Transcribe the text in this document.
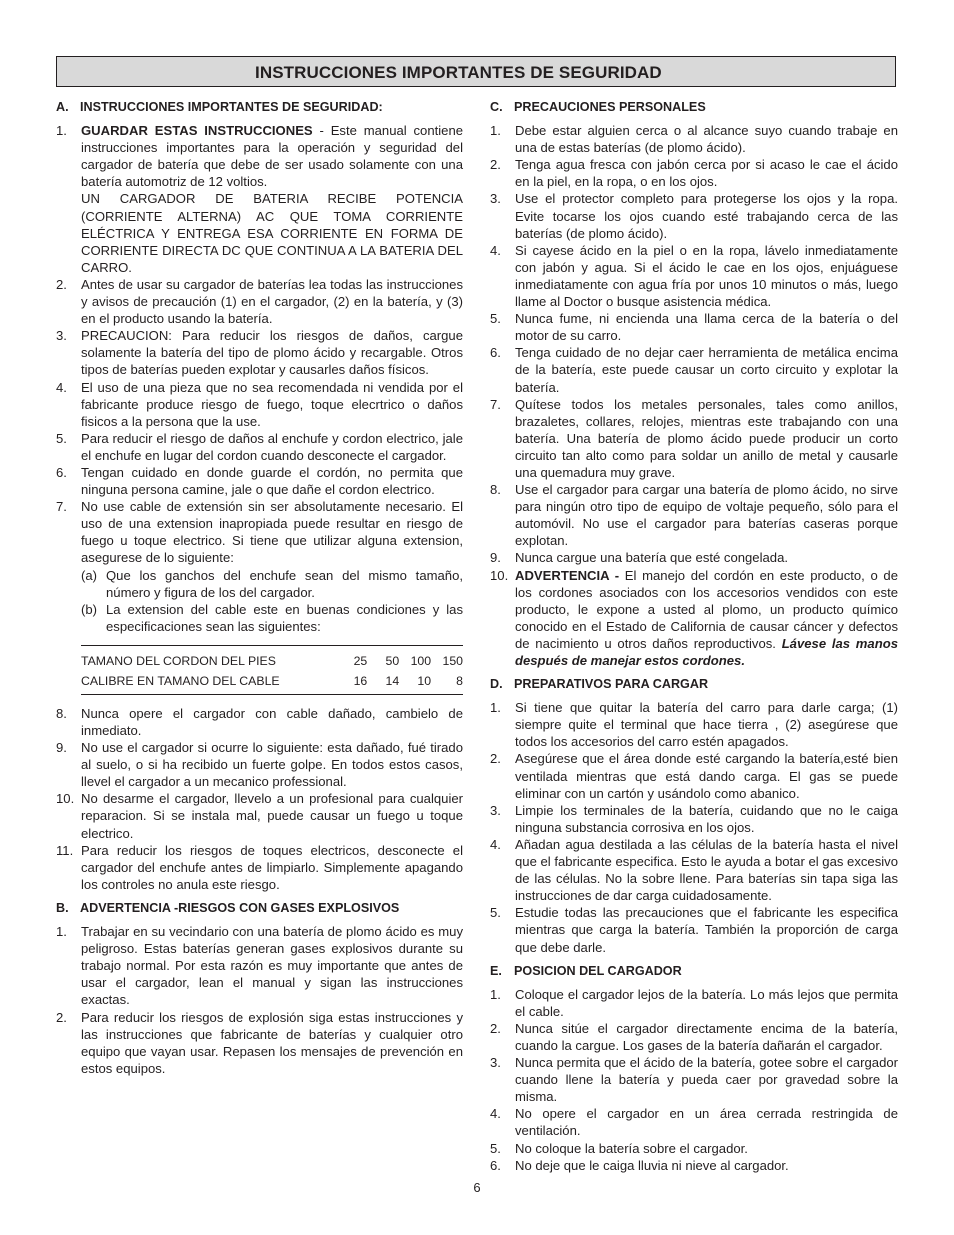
INSTRUCCIONES IMPORTANTES DE SEGURIDAD
A. INSTRUCCIONES IMPORTANTES DE SEGURIDAD:
1.	GUARDAR ESTAS INSTRUCCIONES - Este manual contiene instrucciones importantes para la operación y seguridad del cargador de batería que debe de ser usado solamente con una batería automotriz de 12 voltios.
UN CARGADOR DE BATERIA RECIBE POTENCIA (CORRIENTE ALTERNA) AC QUE TOMA CORRIENTE ELÉCTRICA Y ENTREGA ESA CORRIENTE EN FORMA DE CORRIENTE DIRECTA DC QUE CONTINUA A LA BATERIA DEL CARRO.
2.	Antes de usar su cargador de baterías lea todas las instrucciones y avisos de precaución (1) en el cargador, (2) en la batería, y (3) en el producto usando la batería.
3.	PRECAUCION: Para reducir los riesgos de daños, cargue solamente la batería del tipo de plomo ácido y recargable. Otros tipos de baterías pueden explotar y causarles daños físicos.
4.	El uso de una pieza que no sea recomendada ni vendida por el fabricante produce riesgo de fuego, toque elecrtrico o daños fisicos a la persona que la use.
5.	Para reducir el riesgo de daños al enchufe y cordon electrico, jale el enchufe en lugar del cordon cuando desconecte el cargador.
6.	Tengan cuidado en donde guarde el cordón, no permita que ninguna persona camine, jale o que dañe el cordon electrico.
7.	No use cable de extensión sin ser absolutamente necesario. El uso de una extension inapropiada puede resultar en riesgo de fuego u toque electrico. Si tiene que utilizar alguna extension, asegurese de lo siguiente:
(a) Que los ganchos del enchufe sean del mismo tamaño, número y figura de los del cargador.
(b) La extension del cable este en buenas condiciones y las especificaciones sean las siguientes:
TAMANO DEL CORDON DEL PIES	25	50 100 150
CALIBRE EN TAMANO DEL CABLE	16	14	10	8
8.	Nunca opere el cargador con cable dañado, cambielo de inmediato.
9.	No use el cargador si ocurre lo siguiente: esta dañado, fué tirado al suelo, o si ha recibido un fuerte golpe. En todos estos casos, llevel el cargador a un mecanico professional.
10. No desarme el cargador, llevelo a un profesional para cualquier reparacion. Si se instala mal, puede causar un fuego u toque electrico.
11. Para reducir los riesgos de toques electricos, desconecte el cargador del enchufe antes de limpiarlo. Simplemente apagando los controles no anula este riesgo.
B. ADVERTENCIA -RIESGOS CON GASES EXPLOSIVOS
1.	Trabajar en su vecindario con una batería de plomo ácido es muy peligroso. Estas baterías generan gases explosivos durante su trabajo normal. Por esta razón es muy importante que antes de usar el cargador, lean el manual y sigan las instrucciones exactas.
2.	Para reducir los riesgos de explosión siga estas instrucciones y las instrucciones que fabricante de baterías y cualquier otro equipo que vayan usar. Repasen los mensajes de prevención en estos equipos.
C. PRECAUCIONES PERSONALES
1.	Debe estar alguien cerca o al alcance suyo cuando trabaje en una de estas baterías (de plomo ácido).
2.	Tenga agua fresca con jabón cerca por si acaso le cae el ácido en la piel, en la ropa, o en los ojos.
3.	Use el protector completo para protegerse los ojos y la ropa. Evite tocarse los ojos cuando esté trabajando cerca de las baterías (de plomo ácido).
4.	Si cayese ácido en la piel o en la ropa, lávelo inmediatamente con jabón y agua. Si el ácido le cae en los ojos, enjuáguese inmediatamente con agua fría por unos 10 minutos o más, luego llame al Doctor o busque asistencia médica.
5.	Nunca fume, ni encienda una llama cerca de la batería o del motor de su carro.
6.	Tenga cuidado de no dejar caer herramienta de metálica encima de la batería, este puede causar un corto circuito y explotar la batería.
7.	Quítese todos los metales personales, tales como anillos, brazaletes, collares, relojes, mientras este trabajando con una batería. Una batería de plomo ácido puede producir un corto circuito tan alto como para soldar un anillo de metal y causarle una quemadura muy grave.
8.	Use el cargador para cargar una batería de plomo ácido, no sirve para ningún otro tipo de equipo de voltaje pequeño, sólo para el automóvil. No use el cargador para baterías caseras porque explotan.
9.	Nunca cargue una batería que esté congelada.
10. ADVERTENCIA - El manejo del cordón en este producto, o de los cordones asociados con los accesorios vendidos con este producto, le expone a usted al plomo, un producto químico conocido en el Estado de California de causar cáncer y defectos de nacimiento u otros daños reproductivos. Lávese las manos después de manejar estos cordones.
D. PREPARATIVOS PARA CARGAR
1.	Si tiene que quitar la batería del carro para darle carga; (1) siempre quite el terminal que hace tierra , (2) asegúrese que todos los accesorios del carro estén apagados.
2.	Asegúrese que el área donde esté cargando la batería,esté bien ventilada mientras que está dando carga. El gas se puede eliminar con un cartón y usándolo como abanico.
3.	Limpie los terminales de la batería, cuidando que no le caiga ninguna substancia corrosiva en los ojos.
4.	Añadan agua destilada a las células de la batería hasta el nivel que el fabricante especifica. Esto le ayuda a botar el gas excesivo de las células. No la sobre llene. Para baterías sin tapa siga las instrucciones de dar carga cuidadosamente.
5.	Estudie todas las precauciones que el fabricante les especifica mientras que carga la batería. También la proporción de carga que debe darle.
E. POSICION DEL CARGADOR
1.	Coloque el cargador lejos de la batería. Lo más lejos que permita el cable.
2.	Nunca sitúe el cargador directamente encima de la batería, cuando la cargue. Los gases de la batería dañarán el cargador.
3.	Nunca permita que el ácido de la batería, gotee sobre el cargador cuando llene la batería y pueda caer por gravedad sobre la misma.
4.	No opere el cargador en un área cerrada restringida de ventilación.
5.	No coloque la batería sobre el cargador.
6.	No deje que le caiga lluvia ni nieve al cargador.
6
